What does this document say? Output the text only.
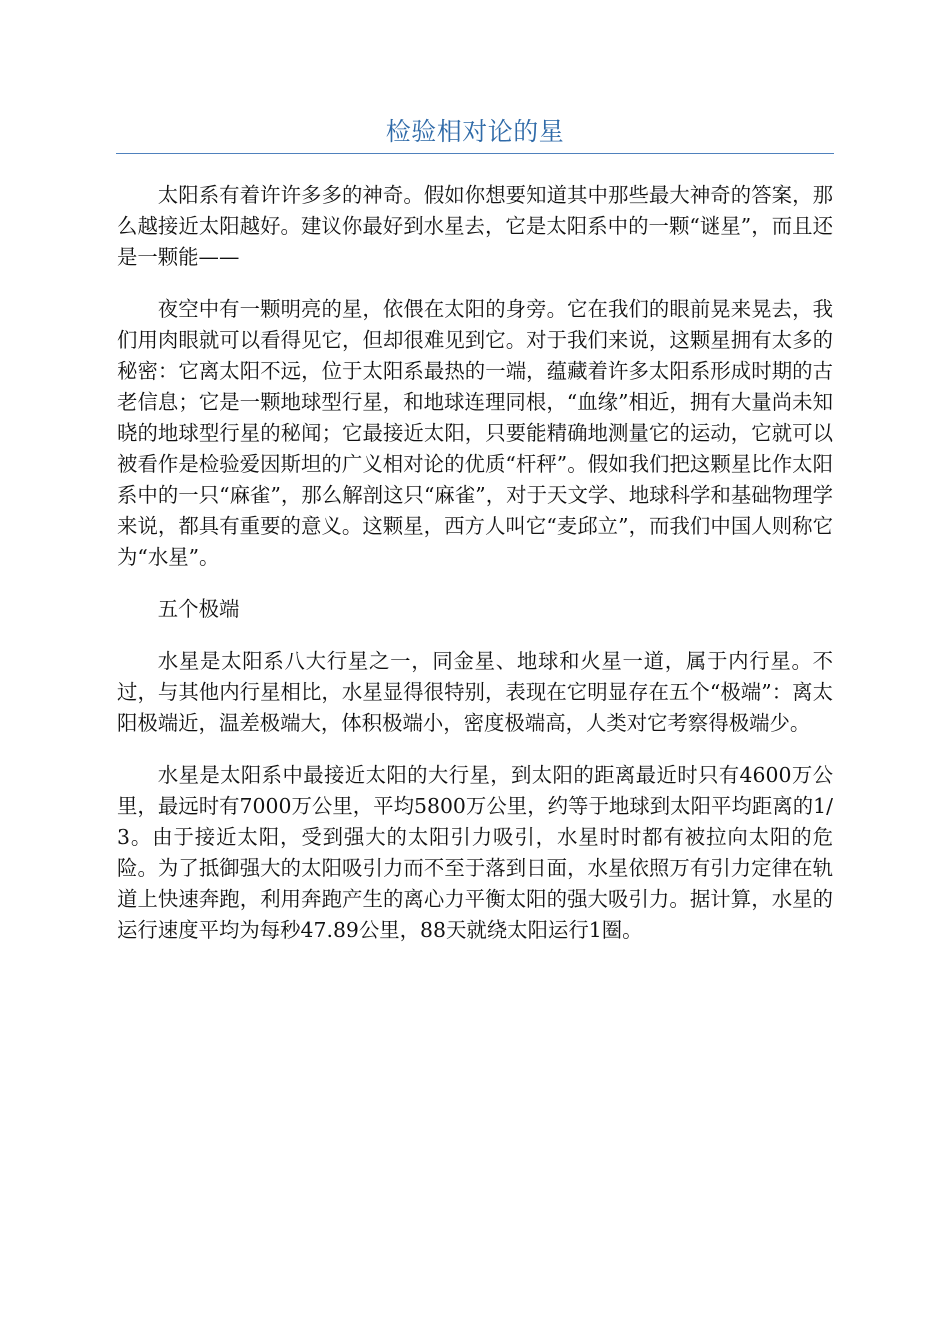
检验相对论的星

太阳系有着许许多多的神奇。假如你想要知道其中那些最大神奇的答案，那么越接近太阳越好。建议你最好到水星去，它是太阳系中的一颗“谜星”，而且还是一颗能——

夜空中有一颗明亮的星，依偎在太阳的身旁。它在我们的眼前晃来晃去，我们用肉眼就可以看得见它，但却很难见到它。对于我们来说，这颗星拥有太多的秘密：它离太阳不远，位于太阳系最热的一端，蕴藏着许多太阳系形成时期的古老信息；它是一颗地球型行星，和地球连理同根，“血缘”相近，拥有大量尚未知晓的地球型行星的秘闻；它最接近太阳，只要能精确地测量它的运动，它就可以被看作是检验爱因斯坦的广义相对论的优质“杆秤”。假如我们把这颗星比作太阳系中的一只“麻雀”，那么解剖这只“麻雀”，对于天文学、地球科学和基础物理学来说，都具有重要的意义。这颗星，西方人叫它“麦邱立”，而我们中国人则称它为“水星”。

五个极端

水星是太阳系八大行星之一，同金星、地球和火星一道，属于内行星。不过，与其他内行星相比，水星显得很特别，表现在它明显存在五个“极端”：离太阳极端近，温差极端大，体积极端小，密度极端高，人类对它考察得极端少。

水星是太阳系中最接近太阳的大行星，到太阳的距离最近时只有4600万公里，最远时有7000万公里，平均5800万公里，约等于地球到太阳平均距离的1/3。由于接近太阳，受到强大的太阳引力吸引，水星时时都有被拉向太阳的危险。为了抵御强大的太阳吸引力而不至于落到日面，水星依照万有引力定律在轨道上快速奔跑，利用奔跑产生的离心力平衡太阳的强大吸引力。据计算，水星的运行速度平均为每秒47.89公里，88天就绕太阳运行1圈。
